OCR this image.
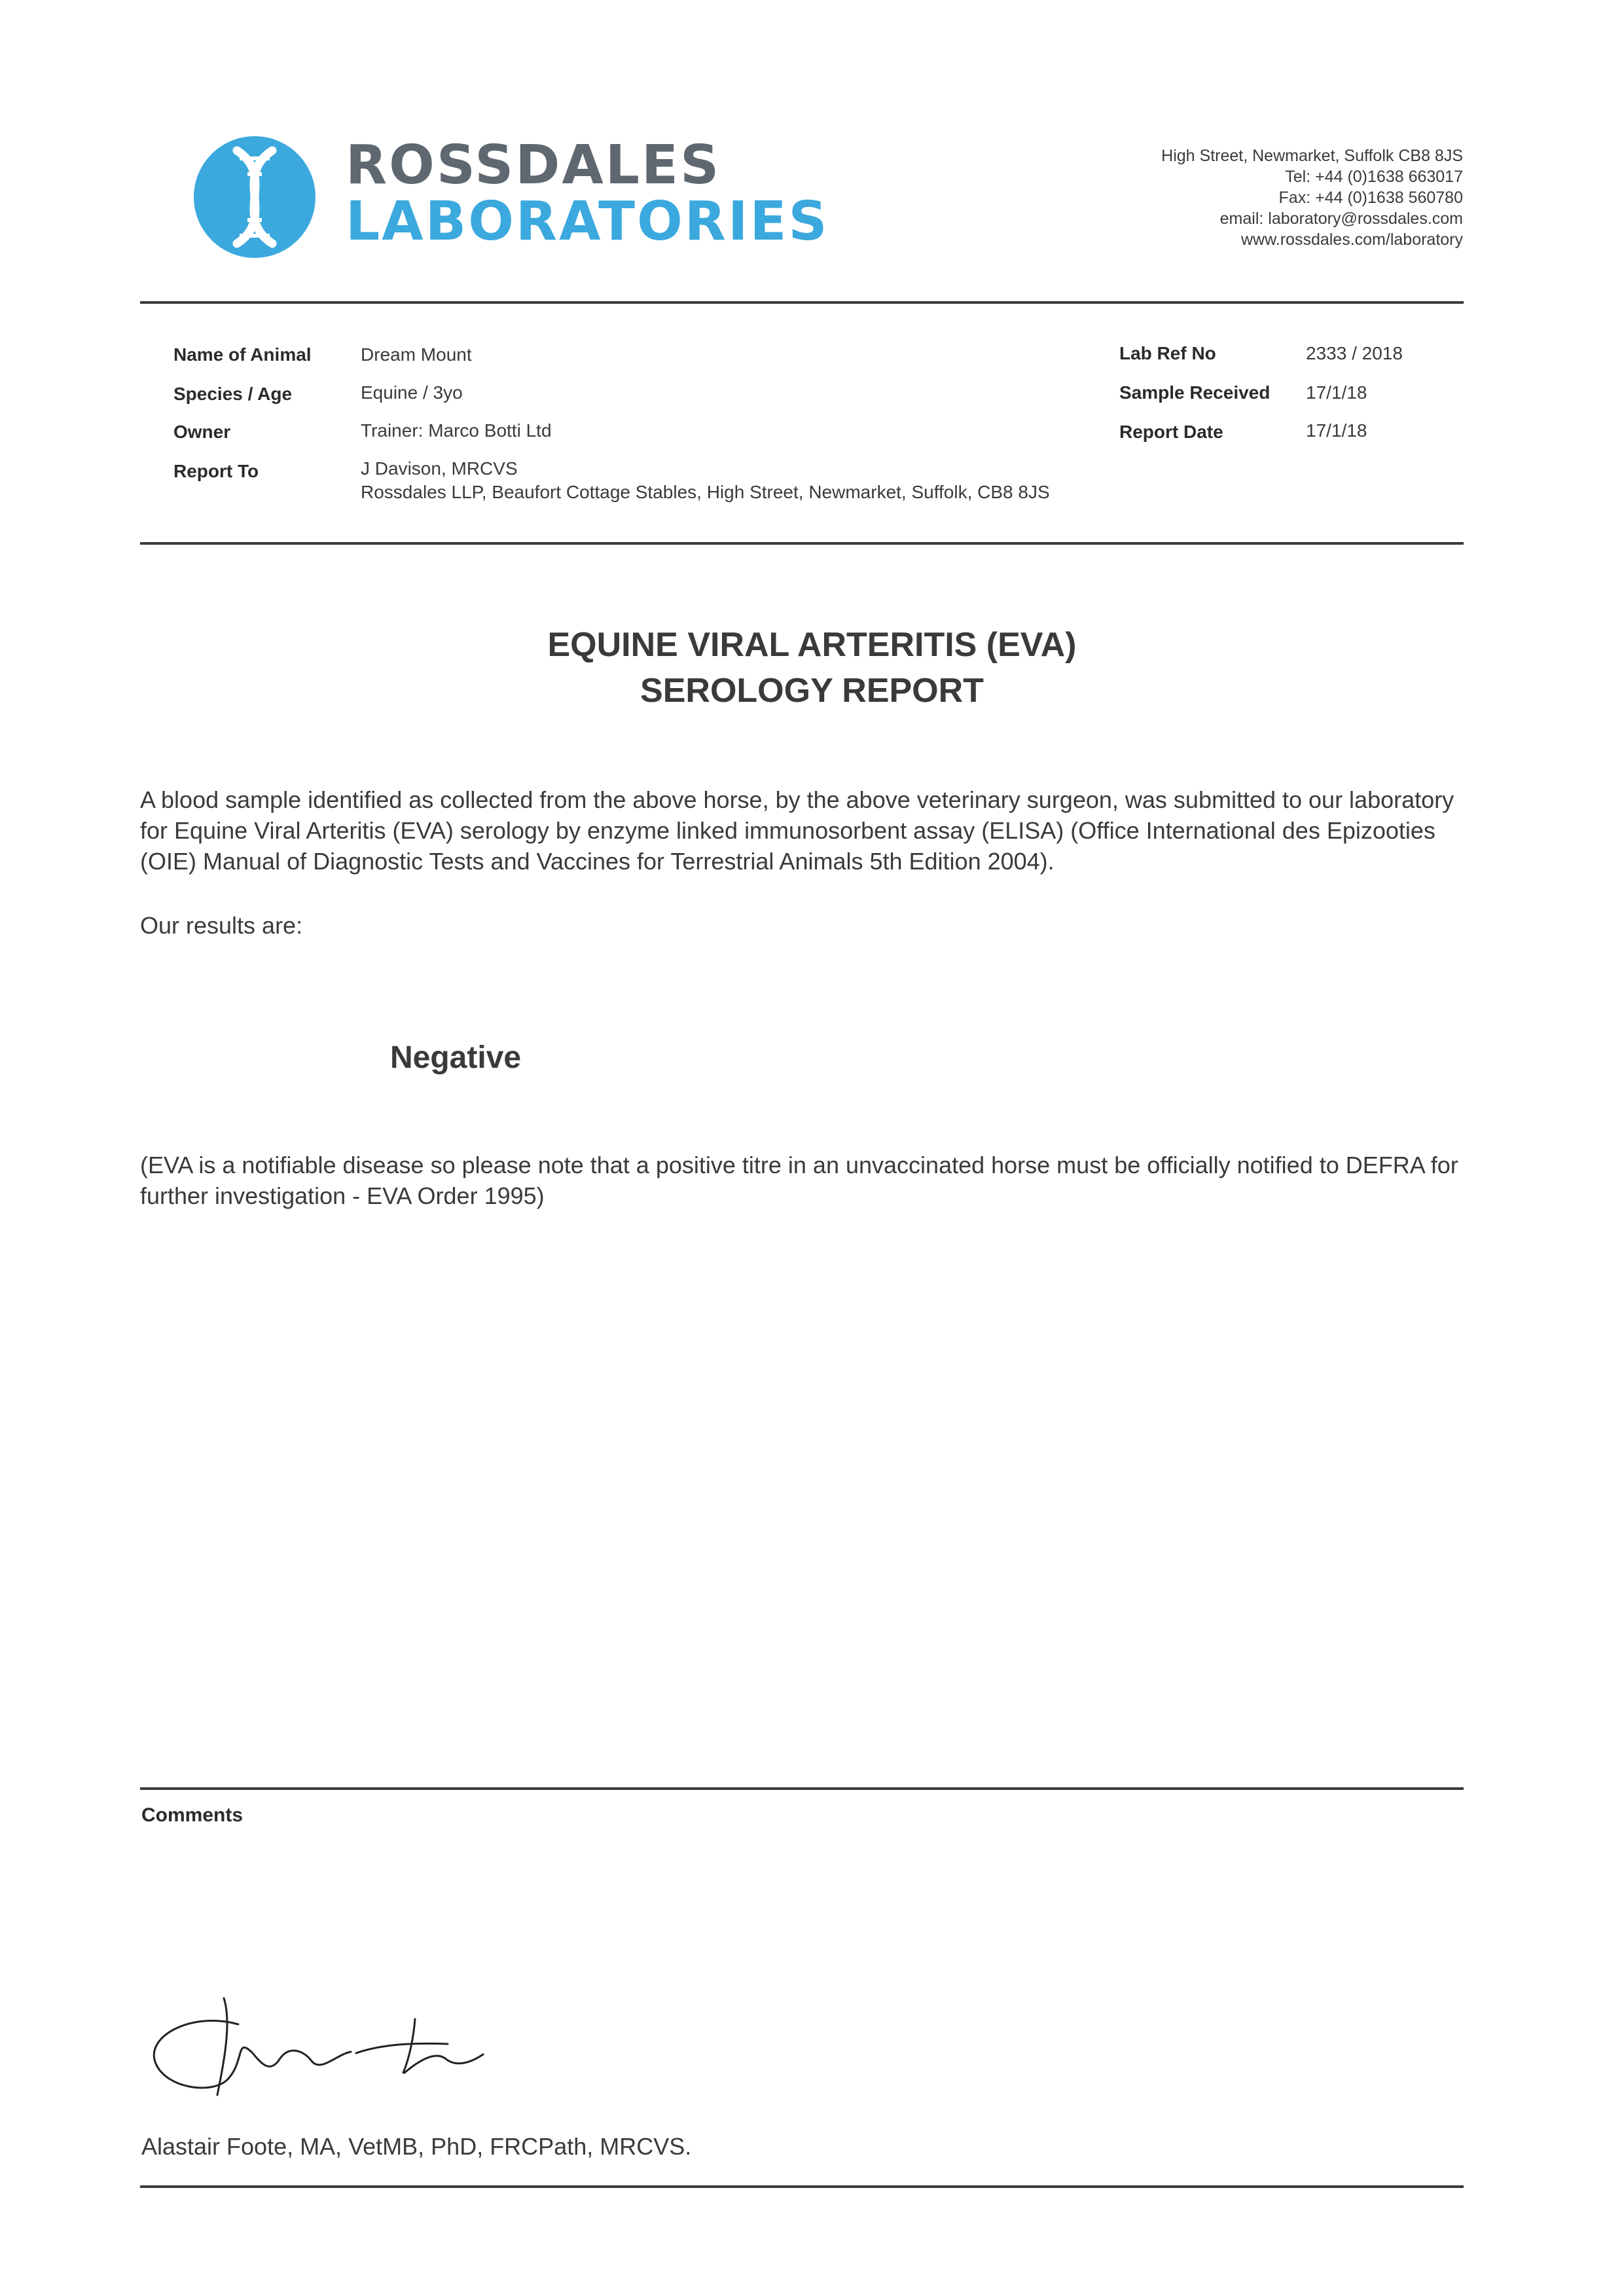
ROSSDALES
LABORATORIES
High Street, Newmarket, Suffolk CB8 8JS
Tel: +44 (0)1638 663017
Fax: +44 (0)1638 560780
email: laboratory@rossdales.com
www.rossdales.com/laboratory
Name of Animal	Dream Mount
Species / Age	Equine / 3yo
Owner	Trainer: Marco Botti Ltd
Report To	J Davison, MRCVS
Rossdales LLP, Beaufort Cottage Stables, High Street, Newmarket, Suffolk, CB8 8JS
Lab Ref No	2333 / 2018
Sample Received 17/1/18
Report Date	17/1/18
EQUINE VIRAL ARTERITIS (EVA)
SEROLOGY REPORT
A blood sample identified as collected from the above horse, by the above veterinary surgeon, was submitted to our laboratory for Equine Viral Arteritis (EVA) serology by enzyme linked immunosorbent assay (ELISA) (Office International des Epizooties (OIE) Manual of Diagnostic Tests and Vaccines for Terrestrial Animals 5th Edition 2004).
Our results are:
Negative
(EVA is a notifiable disease so please note that a positive titre in an unvaccinated horse must be officially notified to DEFRA for further investigation - EVA Order 1995)
Comments
Alastair Foote, MA, VetMB, PhD, FRCPath, MRCVS.
